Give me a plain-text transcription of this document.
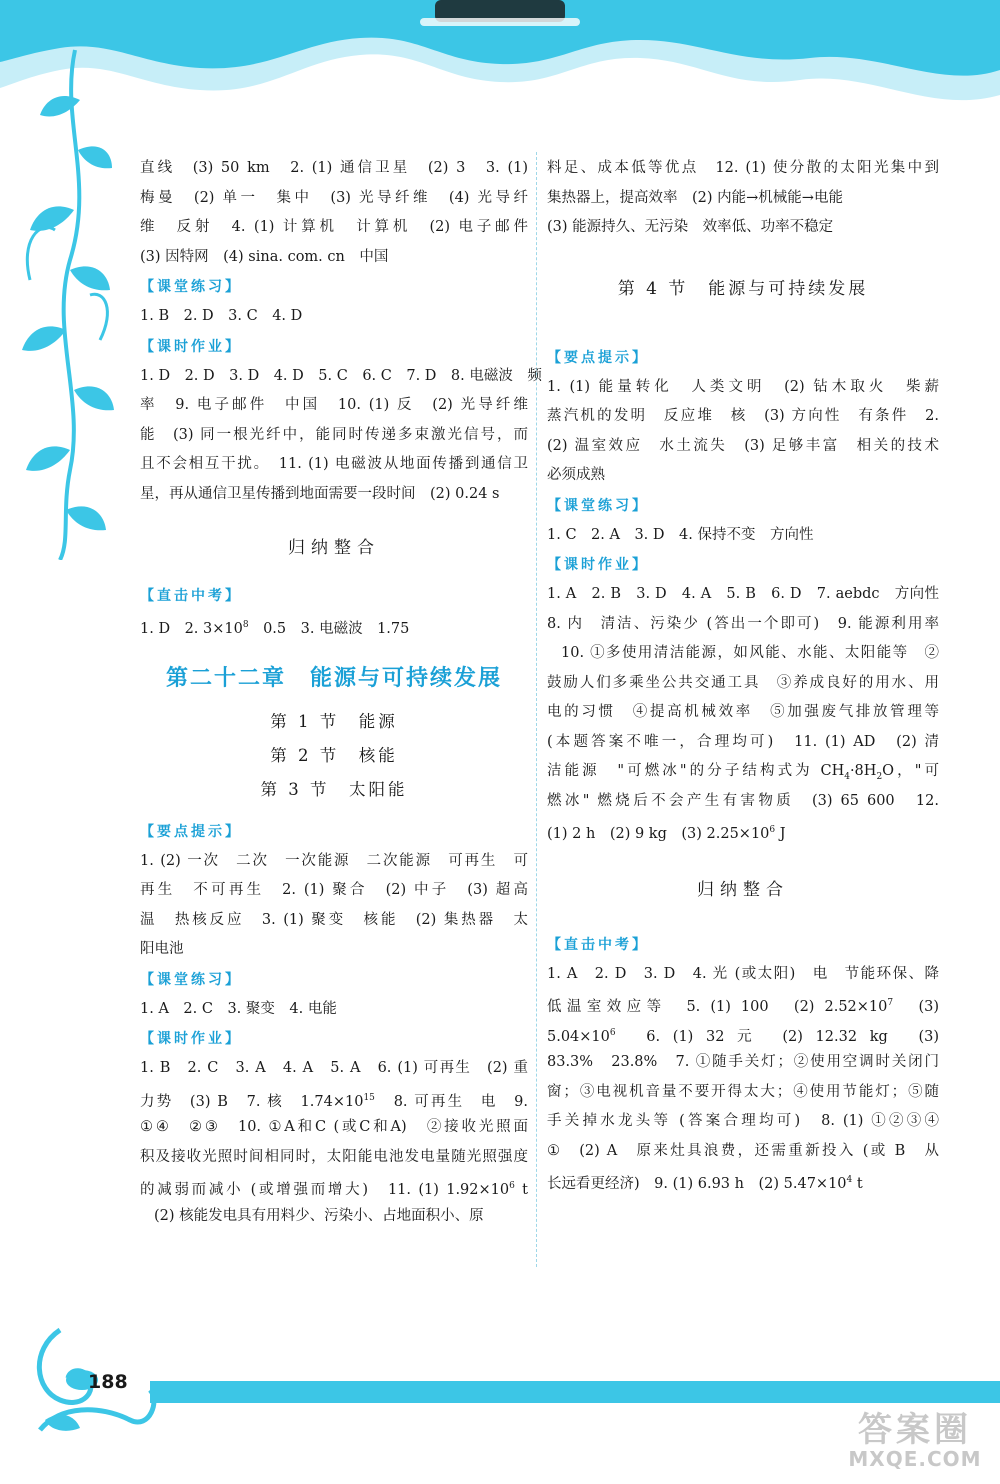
直线　(3) 50 km　2. (1) 通信卫星　(2) 3　3. (1)
梅曼　(2) 单一　集中　(3) 光导纤维　(4) 光导纤
维　反射　4. (1) 计算机　计算机　(2) 电子邮件
(3) 因特网　(4) sina. com. cn　中国
【课堂练习】
1. B　2. D　3. C　4. D
【课时作业】
1. D　2. D　3. D　4. D　5. C　6. C　7. D　8. 电磁波　频
率　9. 电子邮件　中国　10. (1) 反　(2) 光导纤维
能　(3) 同一根光纤中，能同时传递多束激光信号，而
且不会相互干扰。　11. (1) 电磁波从地面传播到通信卫
星，再从通信卫星传播到地面需要一段时间　(2) 0.24 s
归纳整合
【直击中考】
1. D　2. $3\times 10^8$　0.5　3. 电磁波　1.75
第二十二章　能源与可持续发展
第 1 节　能源
第 2 节　核能
第 3 节　太阳能
【要点提示】
1. (2) 一次　二次　一次能源　二次能源　可再生　可
再生　不可再生　2. (1) 聚合　(2) 中子　(3) 超高
温　热核反应　3. (1) 聚变　核能　(2) 集热器　太
阳电池
【课堂练习】
1. A　2. C　3. 聚变　4. 电能
【课时作业】
1. B　2. C　3. A　4. A　5. A　6. (1) 可再生　(2) 重
力势　(3) B　7. 核　$1.74\times 10^{15}$　8. 可再生　电　9.
①④　②③　10. ①A和C (或C和A)　②接收光照面
积及接收光照时间相同时，太阳能电池发电量随光照强度
的减弱而减小 (或增强而增大)　11. (1) $1.92\times 10^6$ t
(2) 核能发电具有用料少、污染小、占地面积小、原
料足、成本低等优点　12. (1) 使分散的太阳光集中到
集热器上，提高效率　(2) 内能→机械能→电能
(3) 能源持久、无污染　效率低、功率不稳定
第 4 节　能源与可持续发展
【要点提示】
1. (1) 能量转化　人类文明　(2) 钻木取火　柴薪
蒸汽机的发明　反应堆　核　(3) 方向性　有条件　2.
(2) 温室效应　水土流失　(3) 足够丰富　相关的技术
必须成熟
【课堂练习】
1. C　2. A　3. D　4. 保持不变　方向性
【课时作业】
1. A　2. B　3. D　4. A　5. B　6. D　7. aebdc　方向性
8. 内　清洁、污染少 (答出一个即可)　9. 能源利用率
10. ①多使用清洁能源，如风能、水能、太阳能等　②
鼓励人们多乘坐公共交通工具　③养成良好的用水、用
电的习惯　④提高机械效率　⑤加强废气排放管理等
(本题答案不唯一，合理均可)　11. (1) AD　(2) 清
洁能源　"可燃冰"的分子结构式为 $CH_4\cdot 8H_2O$，"可
燃冰" 燃烧后不会产生有害物质　(3) 65 600　12.
(1) 2 h　(2) 9 kg　(3) $2.25\times 10^6$ J
归纳整合
【直击中考】
1. A　2. D　3. D　4. 光 (或太阳)　电　节能环保、降
低温室效应等　5. (1) 100　(2) $2.52\times 10^7$　(3)
$5.04\times 10^6$　6. (1) 32 元　(2) 12.32 kg　(3)
83.3%　23.8%　7. ①随手关灯；②使用空调时关闭门
窗；③电视机音量不要开得太大；④使用节能灯；⑤随
手关掉水龙头等 (答案合理均可)　8. (1) ①②③④
①　(2) A　原来灶具浪费，还需重新投入 (或 B　从
长远看更经济)　9. (1) 6.93 h　(2) $5.47\times 10^4$ t
188
答案圈
MXQE.COM
